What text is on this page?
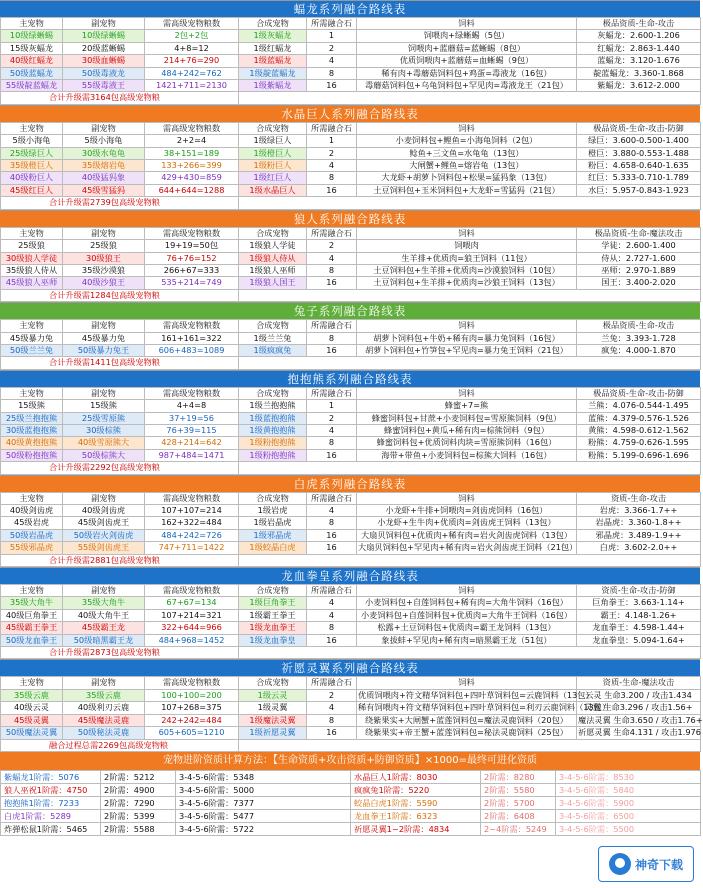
蝠龙系列融合路线表
主宠物	副宠物	需高级宠物粮数	合成宠物	所需融合石	饲料	极品资质-生命-攻击
10级绿蜥蜴	10级绿蜥蜴	2包+2包	1级灰蝠龙	1	饲喂肉+绿蜥蜴（5包）	灰蝠龙：2.600-1.206
15级灰蝠龙	20级蓝蜥蜴	4+8=12	1级红蝠龙	2	饲喂肉+蓝蘑菇=蓝蜥蜴（8包）	红蝠龙：2.863-1.440
40级红蝠龙	30级血蜥蜴	214+76=290	1级蓝蝠龙	4	优质饲喂肉+蓝蘑菇=血蜥蜴（9包）	蓝蝠龙：3.120-1.676
50级蓝蝠龙	50级毒液龙	484+242=762	1级靛蓝蝠龙	8	稀有肉+毒蘑菇饲料包+鸡蛋=毒液龙（16包）	靛蓝蝠龙：3.360-1.868
55级靛蓝蝠龙	55级毒液王	1421+711=2130	1级紫蝠龙	16	毒蘑菇饲料包+乌龟饲料包+罕见肉=毒液龙王（21包）	紫蝠龙：3.612-2.000
合计升级需3164包高级宠物粮						
水晶巨人系列融合路线表
主宠物	副宠物	需高级宠物粮数	合成宠物	所需融合石	饲料	极品资质-生命-攻击-防御
5级小海龟	5级小海龟	2+2=4	1级绿巨人	1	小麦饲料包+鲤鱼=小海龟饲料（2包）	绿巨：3.600-0.500-1.400
25级绿巨人	30级水龟龟	38+151=189	1级橙巨人	2	鲶鱼+三文鱼=水龟龟（13包）	橙巨：3.880-0.553-1.488
35级橙巨人	35级熔岩龟	133+266=399	1级粉巨人	4	大闸蟹+鲤鱼=熔岩龟（13包）	粉巨：4.658-0.640-1.635
40级粉巨人	40级猛犸象	429+430=859	1级红巨人	8	大龙虾+胡萝卜饲料包+松果=猛犸象（13包）	红巨：5.333-0.710-1.789
45级红巨人	45级雪猛犸	644+644=1288	1级水晶巨人	16	土豆饲料包+玉米饲料包+大龙虾=雪猛犸（21包）	水巨：5.957-0.843-1.923
合计升级需2739包高级宠物粮						
狼人系列融合路线表
主宠物	副宠物	需高级宠物粮数	合成宠物	所需融合石	饲料	极品资质-生命-魔法攻击
25级狼	25级狼	19+19=50包	1级狼人学徒	2	饲喂肉	学徒：2.600-1.400
30级狼人学徒	30级狼王	76+76=152	1级狼人侍从	4	生羊排+优质肉=狼王饲料（11包）	侍从：2.727-1.600
35级狼人侍从	35级沙漠狼	266+67=333	1级狼人巫师	8	土豆饲料包+生羊排+优质肉=沙漠狼饲料（10包）	巫师：2.970-1.889
45级狼人巫师	40级沙狼王	535+214=749	1级狼人国王	16	土豆饲料包+生羊排+优质肉=沙狼王饲料（13包）	国王：3.400-2.020
合计升级需1284包高级宠物粮						
兔子系列融合路线表
主宠物	副宠物	需高级宠物粮数	合成宠物	所需融合石	饲料	极品资质-生命-攻击
45级暴力兔	45级暴力兔	161+161=322	1级兰兰兔	8	胡萝卜饲料包+牛奶+稀有肉=暴力兔饲料（16包）	兰兔：3.393-1.728
50级兰兰兔	50级暴力兔王	606+483=1089	1级疯疯兔	16	胡萝卜饲料包+竹笋包+罕见肉=暴力兔王饲料（21包）	疯兔：4.000-1.870
合计升级需1411包高级宠物粮						
抱抱熊系列融合路线表
主宠物	副宠物	需高级宠物粮数	合成宠物	所需融合石	饲料	极品资质-生命-攻击-防御
15级熊	15级熊	4+4=8	1级兰抱抱熊	1	蜂蜜+7=熊	兰熊：4.076-0.544-1.495
25级兰抱抱熊	25级雪原熊	37+19=56	1级蓝抱抱熊	2	蜂蜜饲料包+甘蔗+小麦饲料包=雪原熊饲料（9包）	蓝熊：4.379-0.576-1.526
30级蓝抱抱熊	30级棕熊	76+39=115	1级黄抱抱熊	4	蜂蜜饲料包+黄瓜+稀有肉=棕熊饲料（9包）	黄熊：4.598-0.612-1.562
40级黄抱抱熊	40级雪原熊大	428+214=642	1级粉抱抱熊	8	蜂蜜饲料包+优质饲料肉块=雪原熊饲料（16包）	粉熊：4.759-0.626-1.595
50级粉抱抱熊	50级棕熊大	987+484=1471	1级粉抱抱熊	16	海带+带鱼+小麦饲料包=棕熊大饲料（16包）	粉熊：5.199-0.696-1.696
合计升级需2292包高级宠物粮						
白虎系列融合路线表
主宠物	副宠物	需高级宠物粮数	合成宠物	所需融合石	饲料	资质-生命-攻击
40级剑齿虎	40级剑齿虎	107+107=214	1级岩虎	4	小龙虾+牛排+饲喂肉=剑齿虎饲料（16包）	岩虎：3.366-1.7++
45级岩虎	45级剑齿虎王	162+322=484	1级岩晶虎	8	小龙虾+生牛肉+优质肉=剑齿虎王饲料（13包）	岩晶虎：3.360-1.8++
50级岩晶虎	50级岩火剑齿虎	484+242=726	1级邪晶虎	16	大扇贝饲料包+优质肉+稀有肉=岩火剑齿虎饲料（13包）	邪晶虎：3.489-1.9++
55级邪晶虎	55级剑齿虎王	747+711=1422	1级蛟晶白虎	16	大扇贝饲料包+罕见肉+稀有肉=岩火剑齿虎王饲料（21包）	白虎：3.602-2.0++
合计升级需2881包高级宠物粮						
龙血拳皇系列融合路线表
主宠物	副宠物	需高级宠物粮数	合成宠物	所需融合石	饲料	资质-生命-攻击-防御
35级大角牛	35级大角牛	67+67=134	1级巨角拳王	4	小麦饲料包+自莲饲料包+稀有肉=大角牛饲料（16包）	巨角拳王：3.663-1.14+
40级巨角拳王	40级大角牛王	107+214=321	1级霸王拳王	4	小麦饲料包+自莲饲料包+优质肉=大角牛王饲料（16包）	霸王：4.148-1.26+
45级霸王拳王	45级霸王龙	322+644=966	1级龙血拳王	8	松露+土豆饲料包+优质肉=霸王龙饲料（13包）	龙血拳王：4.598-1.44+
50级龙血拳王	50级暗黑霸王龙	484+968=1452	1级龙血拳皇	16	象拔蚌+罕见肉+稀有肉=暗黑霸王龙（51包）	龙血拳皇：5.094-1.64+
合计升级需2873包高级宠物粮						
祈愿灵翼系列融合路线表
主宠物	副宠物	需高级宠物粮数	合成宠物	所需融合石	饲料	资质-生命-魔法攻击
35级云鹿	35级云鹿	100+100=200	1级云灵	2	优质饲喂肉+符文精华饲料包+四叶草饲料包=云鹿饲料（13包）	云灵 生命3.200 / 攻击1.434
40级云灵	40级利刃云鹿	107+268=375	1级灵翼	4	稀有饲喂肉+符文精华饲料包+四叶草饲料包=利刃云鹿饲料（13包）	灵翼 生命3.296 / 攻击1.56+
45级灵翼	45级魔法灵鹿	242+242=484	1级魔法灵翼	8	绕紫果实+大闸蟹+蓝莲饲料包=魔法灵鹿饲料（20包）	魔法灵翼 生命3.650 / 攻击1.76+
50级魔法灵翼	50级秘法灵鹿	605+605=1210	1级祈愿灵翼	16	绕紫果实+帝王蟹+蓝莲饲料包=秘法灵鹿饲料（25包）	祈愿灵翼 生命4.131 / 攻击1.976
融合过程总需2269包高级宠物粮						
宠物进阶资质计算方法：【生命资质+攻击资质+防御资质】×1000=最终可进化资质
紫蝠龙1阶需：5076	2阶需：5212	3-4-5-6阶需：5348	水晶巨人1阶需：8030	2阶需：8280	3-4-5-6阶需：8530
狼人巫祝1阶需：4750	2阶需：4900	3-4-5-6阶需：5000	疯疯兔1阶需：5220	2阶需：5580	3-4-5-6阶需：5840
抱抱熊1阶需：7233	2阶需：7290	3-4-5-6阶需：7377	蛟晶白虎1阶需：5590	2阶需：5700	3-4-5-6阶需：5900
白虎1阶需：5289	2阶需：5399	3-4-5-6阶需：5477	龙血拳王1阶需：6323	2阶需：6408	3-4-5-6阶需：6500
炸弹松鼠1阶需：5465	2阶需：5588	3-4-5-6阶需：5722	祈愿灵翼1~2阶需：4834	2~4阶需：5249	3-4-5-6阶需：5500
神奇下载
